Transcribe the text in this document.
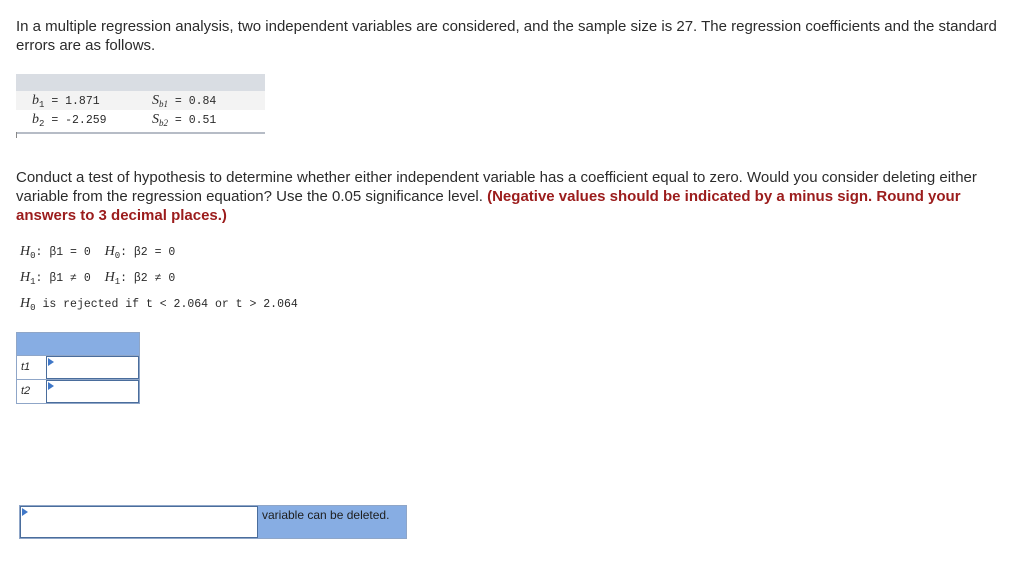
In a multiple regression analysis, two independent variables are considered, and the sample size is 27. The regression coefficients and the standard errors are as follows.
$b_1 = 1.871$	$S_{b1} = 0.84$
$b_2 = -2.259$	$S_{b2} = 0.51$
Conduct a test of hypothesis to determine whether either independent variable has a coefficient equal to zero. Would you consider deleting either variable from the regression equation? Use the 0.05 significance level. (Negative values should be indicated by a minus sign. Round your answers to 3 decimal places.)
$H_0$: β1 = 0 $H_0$: β2 = 0
$H_1$: β1 ≠ 0 $H_1$: β2 ≠ 0
$H_0$ is rejected if t < 2.064 or t > 2.064
t1
t2
variable can be deleted.
